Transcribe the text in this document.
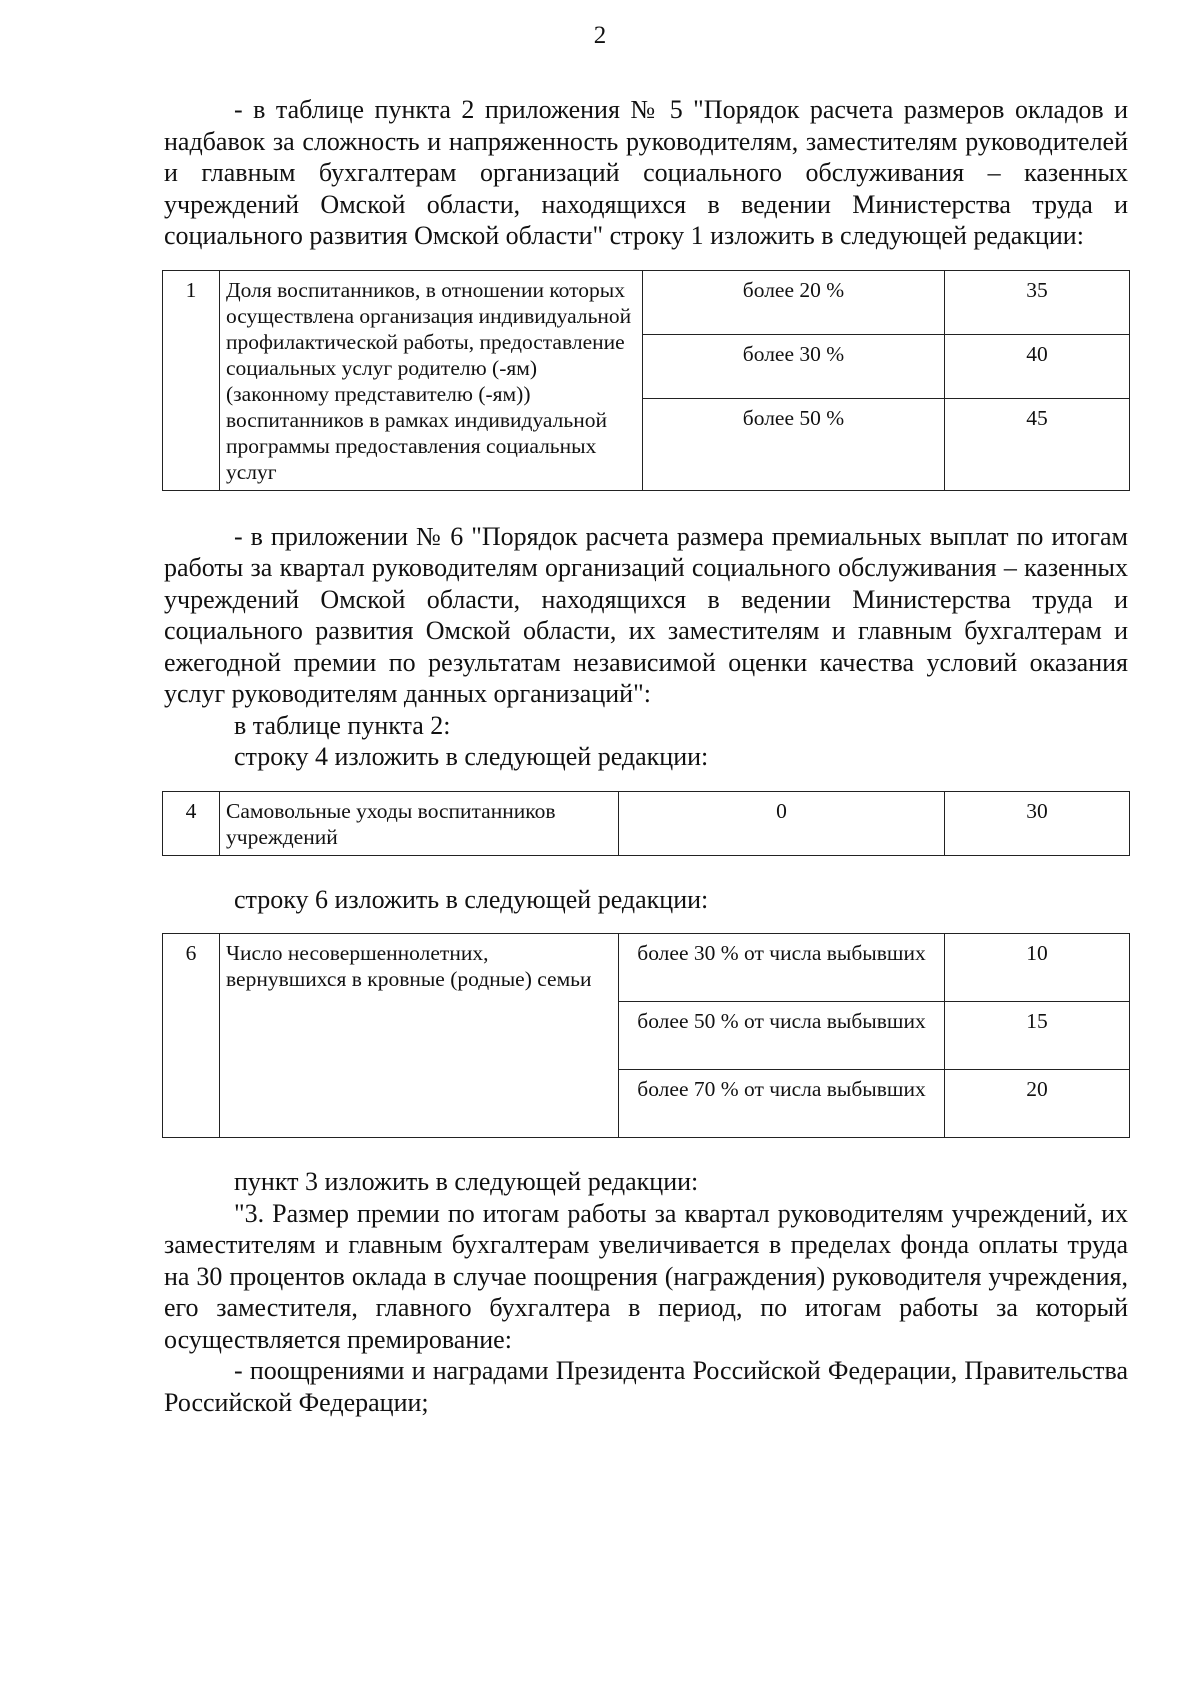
2

- в таблице пункта 2 приложения № 5 "Порядок расчета размеров окладов и надбавок за сложность и напряженность руководителям, заместителям руководителей и главным бухгалтерам организаций социального обслуживания – казенных учреждений Омской области, находящихся в ведении Министерства труда и социального развития Омской области" строку 1 изложить в следующей редакции:

1	Доля воспитанников, в отношении которых осуществлена организация индивидуальной профилактической работы, предоставление социальных услуг родителю (-ям) (законному представителю (-ям)) воспитанников в рамках индивидуальной программы предоставления социальных услуг	более 20 %	35
		более 30 %	40
		более 50 %	45

- в приложении № 6 "Порядок расчета размера премиальных выплат по итогам работы за квартал руководителям организаций социального обслуживания – казенных учреждений Омской области, находящихся в ведении Министерства труда и социального развития Омской области, их заместителям и главным бухгалтерам и ежегодной премии по результатам независимой оценки качества условий оказания услуг руководителям данных организаций":

в таблице пункта 2:

строку 4 изложить в следующей редакции:

4	Самовольные уходы воспитанников учреждений	0	30

строку 6 изложить в следующей редакции:

6	Число несовершеннолетних, вернувшихся в кровные (родные) семьи	более 30 % от числа выбывших	10
		более 50 % от числа выбывших	15
		более 70 % от числа выбывших	20

пункт 3 изложить в следующей редакции:

"3. Размер премии по итогам работы за квартал руководителям учреждений, их заместителям и главным бухгалтерам увеличивается в пределах фонда оплаты труда на 30 процентов оклада в случае поощрения (награждения) руководителя учреждения, его заместителя, главного бухгалтера в период, по итогам работы за который осуществляется премирование:

- поощрениями и наградами Президента Российской Федерации, Правительства Российской Федерации;
